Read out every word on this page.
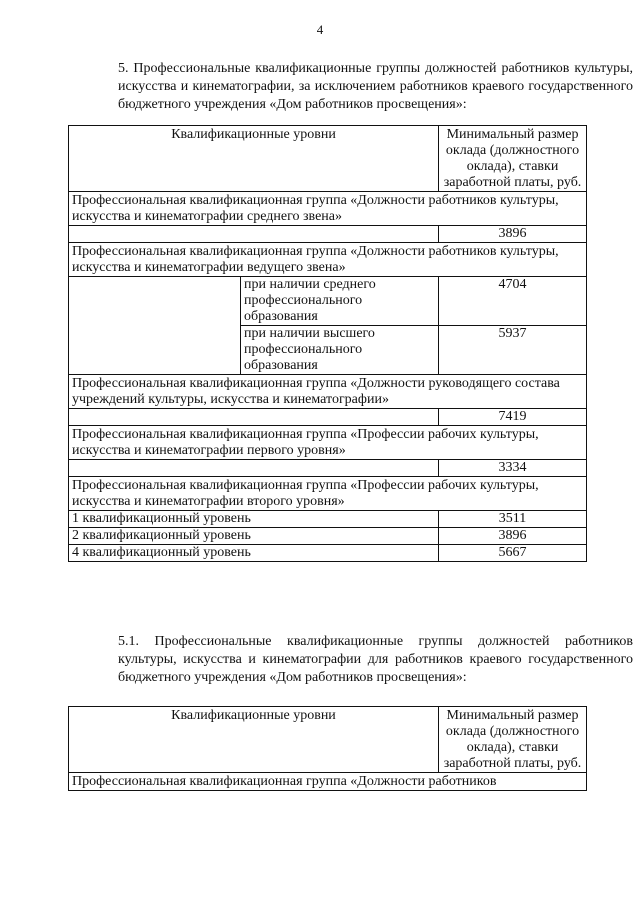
4

5. Профессиональные квалификационные группы должностей работников культуры, искусства и кинематографии, за исключением работников краевого государственного бюджетного учреждения «Дом работников просвещения»:

Квалификационные уровни		Минимальный размер оклада (должностного оклада), ставки заработной платы, руб.
Профессиональная квалификационная группа «Должности работников культуры, искусства и кинематографии среднего звена»		
		3896
Профессиональная квалификационная группа «Должности работников культуры, искусства и кинематографии ведущего звена»		
	при наличии среднего профессионального образования	4704
	при наличии высшего профессионального образования	5937
Профессиональная квалификационная группа «Должности руководящего состава учреждений культуры, искусства и кинематографии»		
		7419
Профессиональная квалификационная группа «Профессии рабочих культуры, искусства и кинематографии первого уровня»		
		3334
Профессиональная квалификационная группа «Профессии рабочих культуры, искусства и кинематографии второго уровня»		
1 квалификационный уровень		3511
2 квалификационный уровень		3896
4 квалификационный уровень		5667

5.1. Профессиональные квалификационные группы должностей работников культуры, искусства и кинематографии для работников краевого государственного бюджетного учреждения «Дом работников просвещения»:

Квалификационные уровни	Минимальный размер оклада (должностного оклада), ставки заработной платы, руб.
Профессиональная квалификационная группа «Должности работников
